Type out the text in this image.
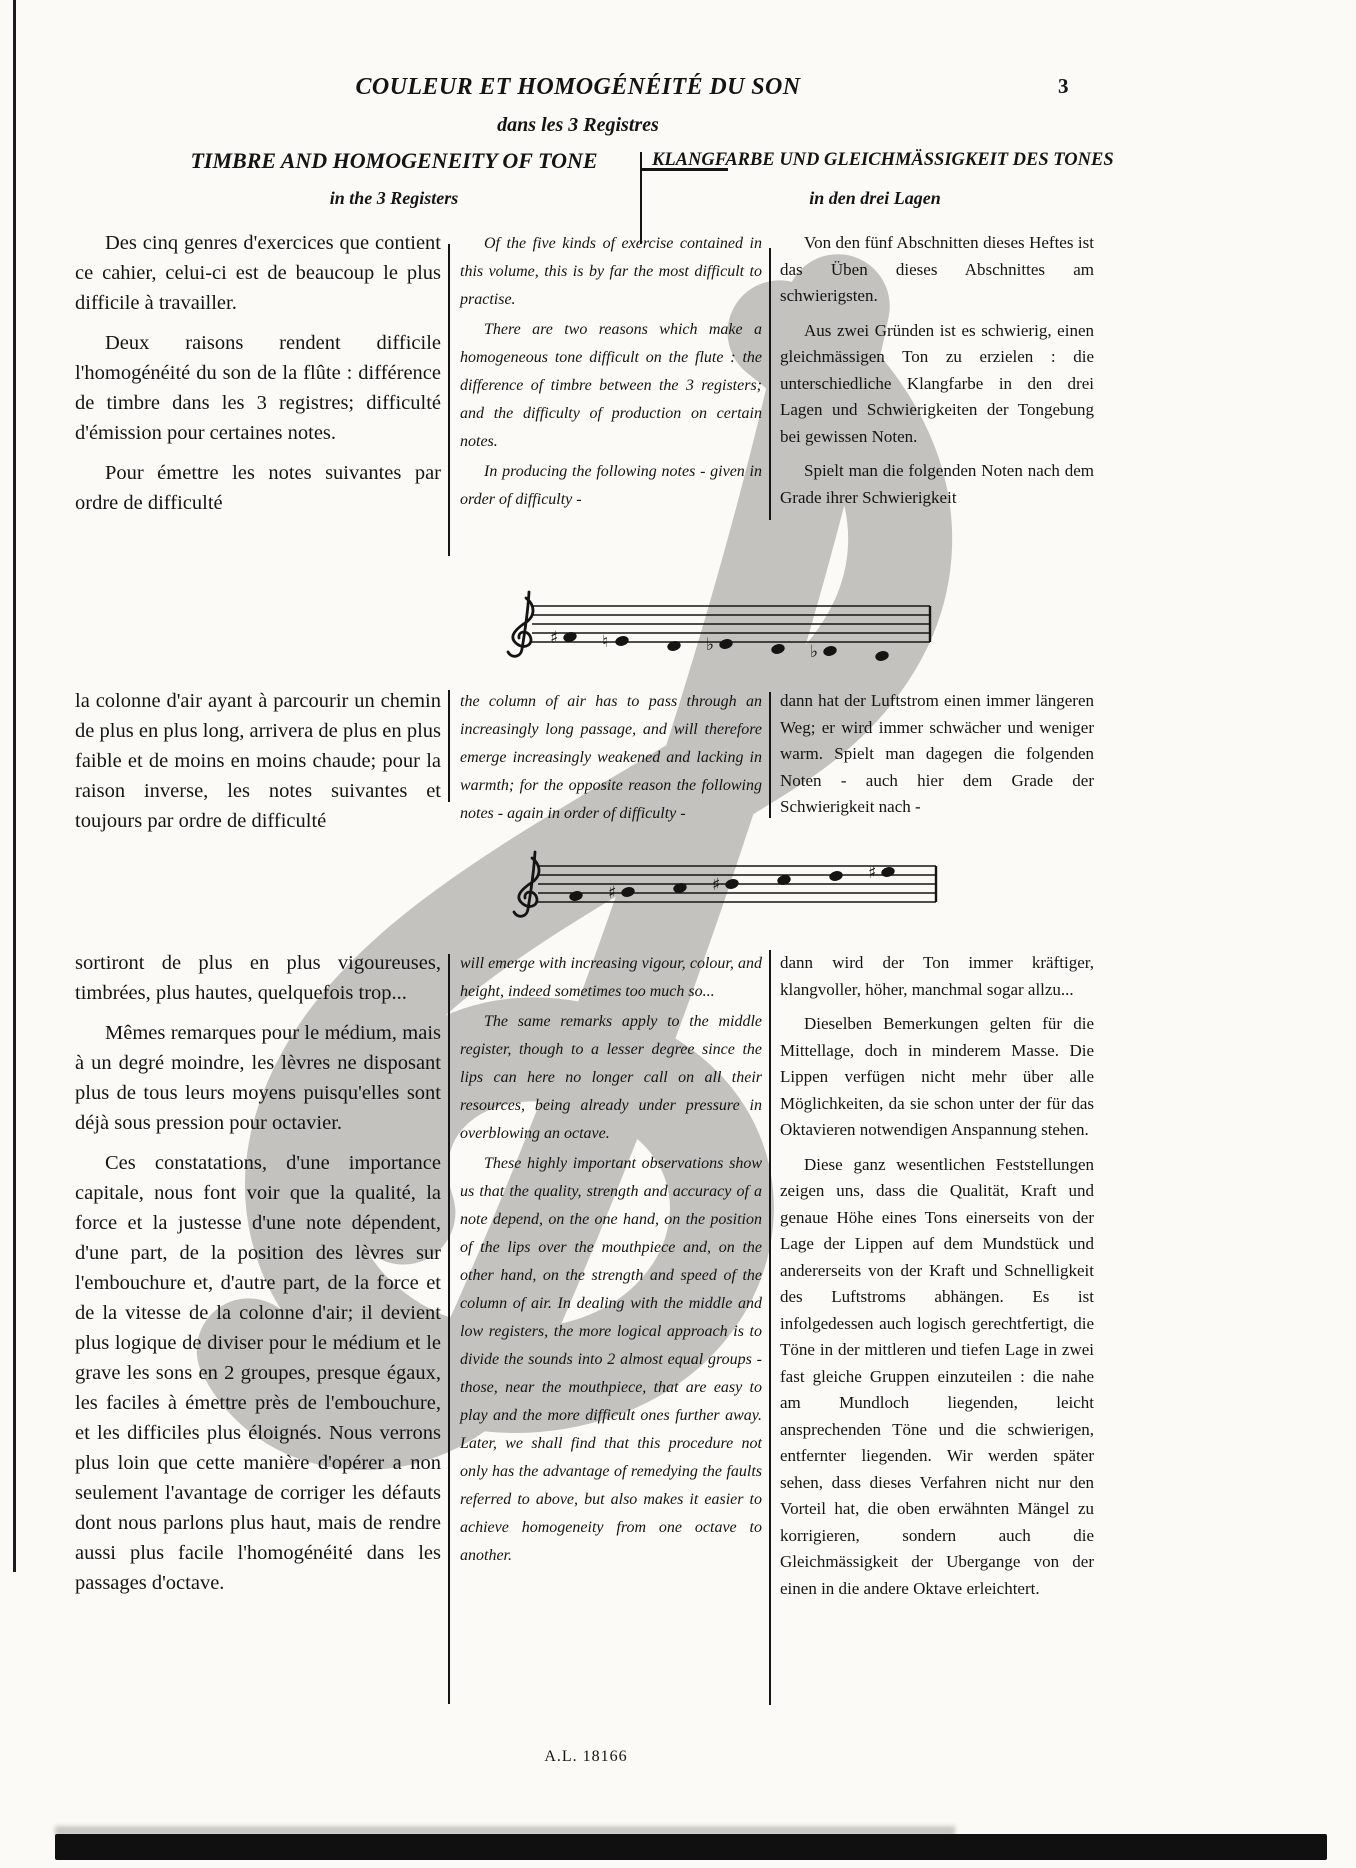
3
COULEUR ET HOMOGÉNÉITÉ DU SON
dans les 3 Registres
TIMBRE AND HOMOGENEITY OF TONE
in the 3 Registers
KLANGFARBE UND GLEICHMÄSSIGKEIT DES TONES
in den drei Lagen

Des cinq genres d'exercices que contient ce cahier, celui-ci est de beaucoup le plus difficile à travailler.

Deux raisons rendent difficile l'homogénéité du son de la flûte : différence de timbre dans les 3 registres; difficulté d'émission pour certaines notes.

Pour émettre les notes suivantes par ordre de difficulté

Of the five kinds of exercise contained in this volume, this is by far the most difficult to practise.

There are two reasons which make a homogeneous tone difficult on the flute : the difference of timbre between the 3 registers; and the difficulty of production on certain notes.

In producing the following notes - given in order of difficulty -

Von den fünf Abschnitten dieses Heftes ist das Üben dieses Abschnittes am schwierigsten.

Aus zwei Gründen ist es schwierig, einen gleichmässigen Ton zu erzielen : die unterschiedliche Klangfarbe in den drei Lagen und Schwierigkeiten der Tongebung bei gewissen Noten.

Spielt man die folgenden Noten nach dem Grade ihrer Schwierigkeit

♯	♮	♭	♭

la colonne d'air ayant à parcourir un chemin de plus en plus long, arrivera de plus en plus faible et de moins en moins chaude; pour la raison inverse, les notes suivantes et toujours par ordre de difficulté

the column of air has to pass through an increasingly long passage, and will therefore emerge increasingly weakened and lacking in warmth; for the opposite reason the following notes - again in order of difficulty -

dann hat der Luftstrom einen immer längeren Weg; er wird immer schwächer und weniger warm. Spielt man dagegen die folgenden Noten - auch hier dem Grade der Schwierigkeit nach -

♯	♯
♯

sortiront de plus en plus vigoureuses, timbrées, plus hautes, quelquefois trop...

Mêmes remarques pour le médium, mais à un degré moindre, les lèvres ne disposant plus de tous leurs moyens puisqu'elles sont déjà sous pression pour octavier.

Ces constatations, d'une importance capitale, nous font voir que la qualité, la force et la justesse d'une note dépendent, d'une part, de la position des lèvres sur l'embouchure et, d'autre part, de la force et de la vitesse de la colonne d'air; il devient plus logique de diviser pour le médium et le grave les sons en 2 groupes, presque égaux, les faciles à émettre près de l'embouchure, et les difficiles plus éloignés. Nous verrons plus loin que cette manière d'opérer a non seulement l'avantage de corriger les défauts dont nous parlons plus haut, mais de rendre aussi plus facile l'homogénéité dans les passages d'octave.

will emerge with increasing vigour, colour, and height, indeed sometimes too much so...

The same remarks apply to the middle register, though to a lesser degree since the lips can here no longer call on all their resources, being already under pressure in overblowing an octave.

These highly important observations show us that the quality, strength and accuracy of a note depend, on the one hand, on the position of the lips over the mouthpiece and, on the other hand, on the strength and speed of the column of air. In dealing with the middle and low registers, the more logical approach is to divide the sounds into 2 almost equal groups - those, near the mouthpiece, that are easy to play and the more difficult ones further away. Later, we shall find that this procedure not only has the advantage of remedying the faults referred to above, but also makes it easier to achieve homogeneity from one octave to another.

dann wird der Ton immer kräftiger, klangvoller, höher, manchmal sogar allzu...

Dieselben Bemerkungen gelten für die Mittellage, doch in minderem Masse. Die Lippen verfügen nicht mehr über alle Möglichkeiten, da sie schon unter der für das Oktavieren notwendigen Anspannung stehen.

Diese ganz wesentlichen Feststellungen zeigen uns, dass die Qualität, Kraft und genaue Höhe eines Tons einerseits von der Lage der Lippen auf dem Mundstück und andererseits von der Kraft und Schnelligkeit des Luftstroms abhängen. Es ist infolgedessen auch logisch gerechtfertigt, die Töne in der mittleren und tiefen Lage in zwei fast gleiche Gruppen einzuteilen : die nahe am Mundloch liegenden, leicht ansprechenden Töne und die schwierigen, entfernter liegenden. Wir werden später sehen, dass dieses Verfahren nicht nur den Vorteil hat, die oben erwähnten Mängel zu korrigieren, sondern auch die Gleichmässigkeit der Ubergange von der einen in die andere Oktave erleichtert.

A.L. 18166
